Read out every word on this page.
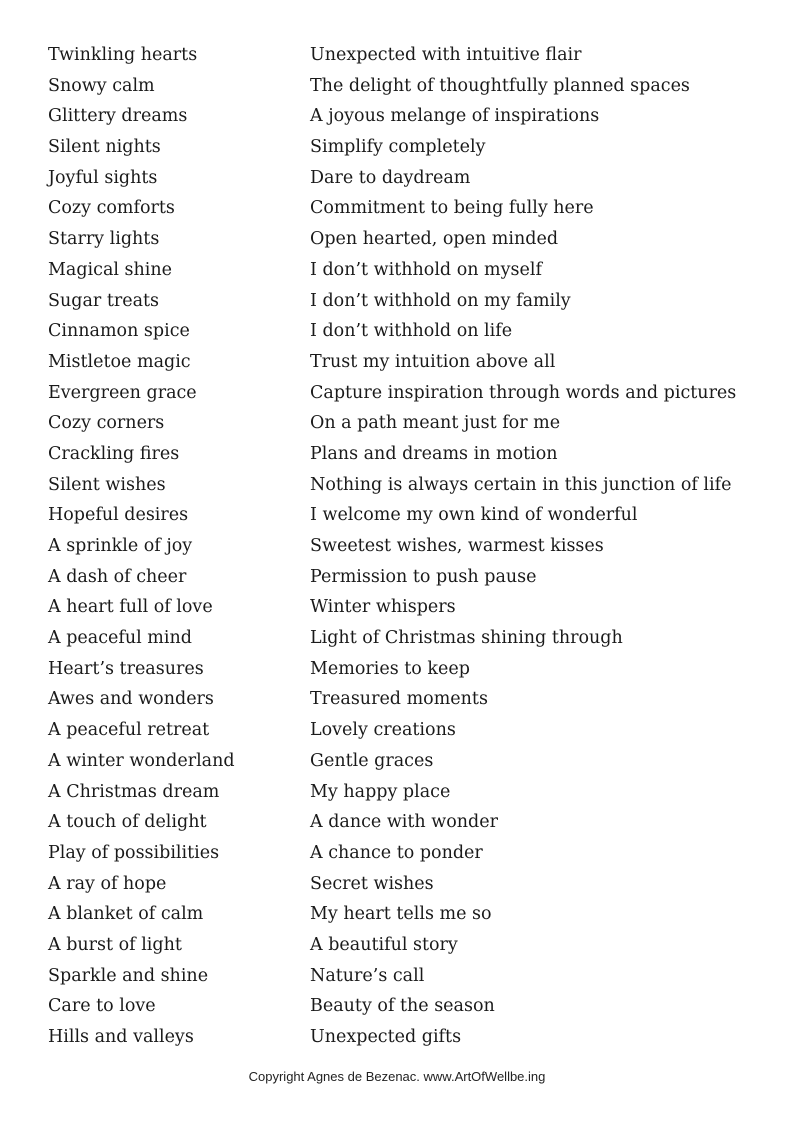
Twinkling hearts
Snowy calm
Glittery dreams
Silent nights
Joyful sights
Cozy comforts
Starry lights
Magical shine
Sugar treats
Cinnamon spice
Mistletoe magic
Evergreen grace
Cozy corners
Crackling fires
Silent wishes
Hopeful desires
A sprinkle of joy
A dash of cheer
A heart full of love
A peaceful mind
Heart’s treasures
Awes and wonders
A peaceful retreat
A winter wonderland
A Christmas dream
A touch of delight
Play of possibilities
A ray of hope
A blanket of calm
A burst of light
Sparkle and shine
Care to love
Hills and valleys
Unexpected with intuitive flair
The delight of thoughtfully planned spaces
A joyous melange of inspirations
Simplify completely
Dare to daydream
Commitment to being fully here
Open hearted, open minded
I don’t withhold on myself
I don’t withhold on my family
I don’t withhold on life
Trust my intuition above all
Capture inspiration through words and pictures
On a path meant just for me
Plans and dreams in motion
Nothing is always certain in this junction of life
I welcome my own kind of wonderful
Sweetest wishes, warmest kisses
Permission to push pause
Winter whispers
Light of Christmas shining through
Memories to keep
Treasured moments
Lovely creations
Gentle graces
My happy place
A dance with wonder
A chance to ponder
Secret wishes
My heart tells me so
A beautiful story
Nature’s call
Beauty of the season
Unexpected gifts
Copyright Agnes de Bezenac. www.ArtOfWellbe.ing
